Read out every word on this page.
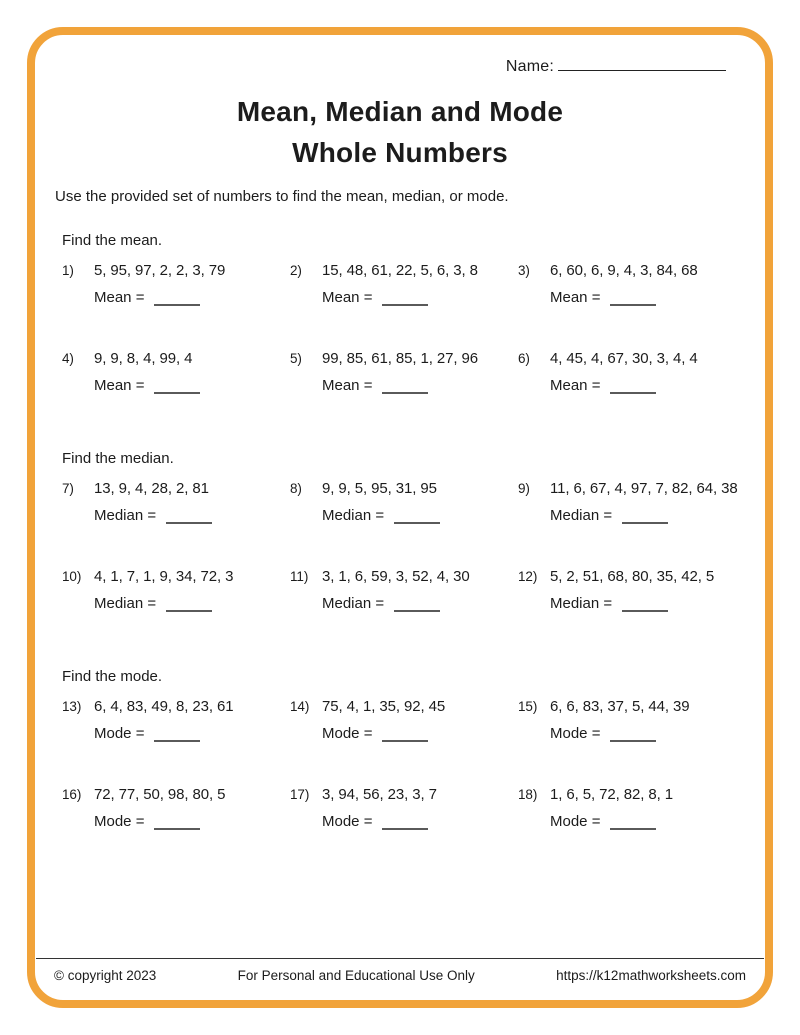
Name:
Mean, Median and Mode
Whole Numbers
Use the provided set of numbers to find the mean, median, or mode.
Find the mean.
1)	5, 95, 97, 2, 2, 3, 79
Mean =
2)	15, 48, 61, 22, 5, 6, 3, 8
Mean =
3)	6, 60, 6, 9, 4, 3, 84, 68
Mean =
4)	9, 9, 8, 4, 99, 4
Mean =
5)	99, 85, 61, 85, 1, 27, 96
Mean =
6)	4, 45, 4, 67, 30, 3, 4, 4
Mean =
Find the median.
7)	13, 9, 4, 28, 2, 81
Median =
8)	9, 9, 5, 95, 31, 95
Median =
9)	11, 6, 67, 4, 97, 7, 82, 64, 38
Median =
10) 4, 1, 7, 1, 9, 34, 72, 3
Median =
11) 3, 1, 6, 59, 3, 52, 4, 30
Median =
12) 5, 2, 51, 68, 80, 35, 42, 5
Median =
Find the mode.
13) 6, 4, 83, 49, 8, 23, 61
Mode =
14) 75, 4, 1, 35, 92, 45
Mode =
15) 6, 6, 83, 37, 5, 44, 39
Mode =
16) 72, 77, 50, 98, 80, 5
Mode =
17) 3, 94, 56, 23, 3, 7
Mode =
18) 1, 6, 5, 72, 82, 8, 1
Mode =
© copyright 2023	For Personal and Educational Use Only	https://k12mathworksheets.com
